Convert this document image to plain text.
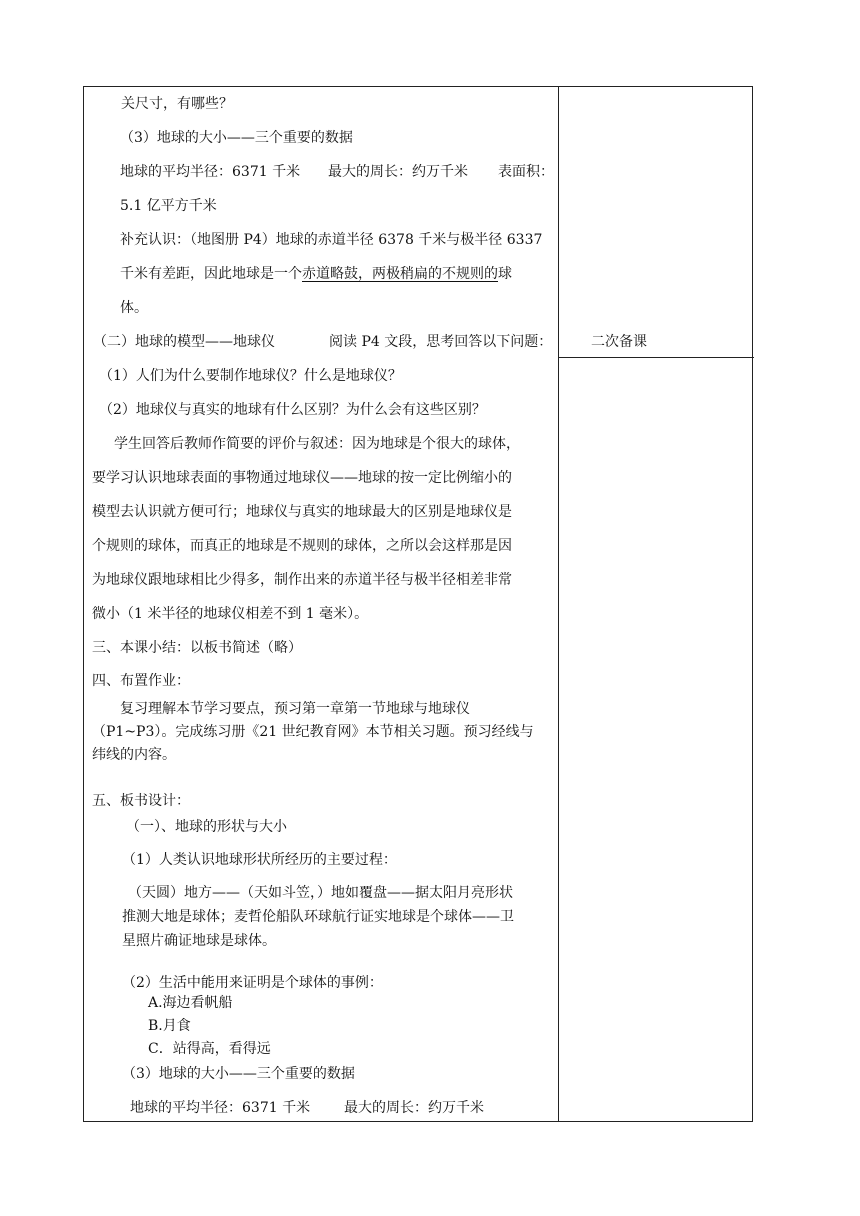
关尺寸，有哪些？
（3）地球的大小——三个重要的数据
地球的平均半径：6371 千米 最大的周长：约万千米 表面积：
5.1 亿平方千米
补充认识：（地图册 P4）地球的赤道半径 6378 千米与极半径 6337
千米有差距，因此地球是一个赤道略鼓，两极稍扁的不规则的球
体。
（二）地球的模型——地球仪	阅读 P4 文段，思考回答以下问题：
（1）人们为什么要制作地球仪？什么是地球仪？
（2）地球仪与真实的地球有什么区别？为什么会有这些区别？
学生回答后教师作简要的评价与叙述：因为地球是个很大的球体，
要学习认识地球表面的事物通过地球仪——地球的按一定比例缩小的
模型去认识就方便可行；地球仪与真实的地球最大的区别是地球仪是
个规则的球体，而真正的地球是不规则的球体，之所以会这样那是因
为地球仪跟地球相比少得多，制作出来的赤道半径与极半径相差非常
微小（1 米半径的地球仪相差不到 1 毫米）。
三、本课小结：以板书简述（略）
四、布置作业：
复习理解本节学习要点，预习第一章第一节地球与地球仪
（P1~P3）。完成练习册《21 世纪教育网》本节相关习题。预习经线与
纬线的内容。
五、板书设计：
（一）、地球的形状与大小
（1）人类认识地球形状所经历的主要过程：
（天圆）地方——（天如斗笠，）地如覆盘——据太阳月亮形状
推测大地是球体；麦哲伦船队环球航行证实地球是个球体——卫
星照片确证地球是球体。
（2）生活中能用来证明是个球体的事例：
A.海边看帆船
B.月食
C．站得高，看得远
（3）地球的大小——三个重要的数据
地球的平均半径：6371 千米 最大的周长：约万千米
二次备课
